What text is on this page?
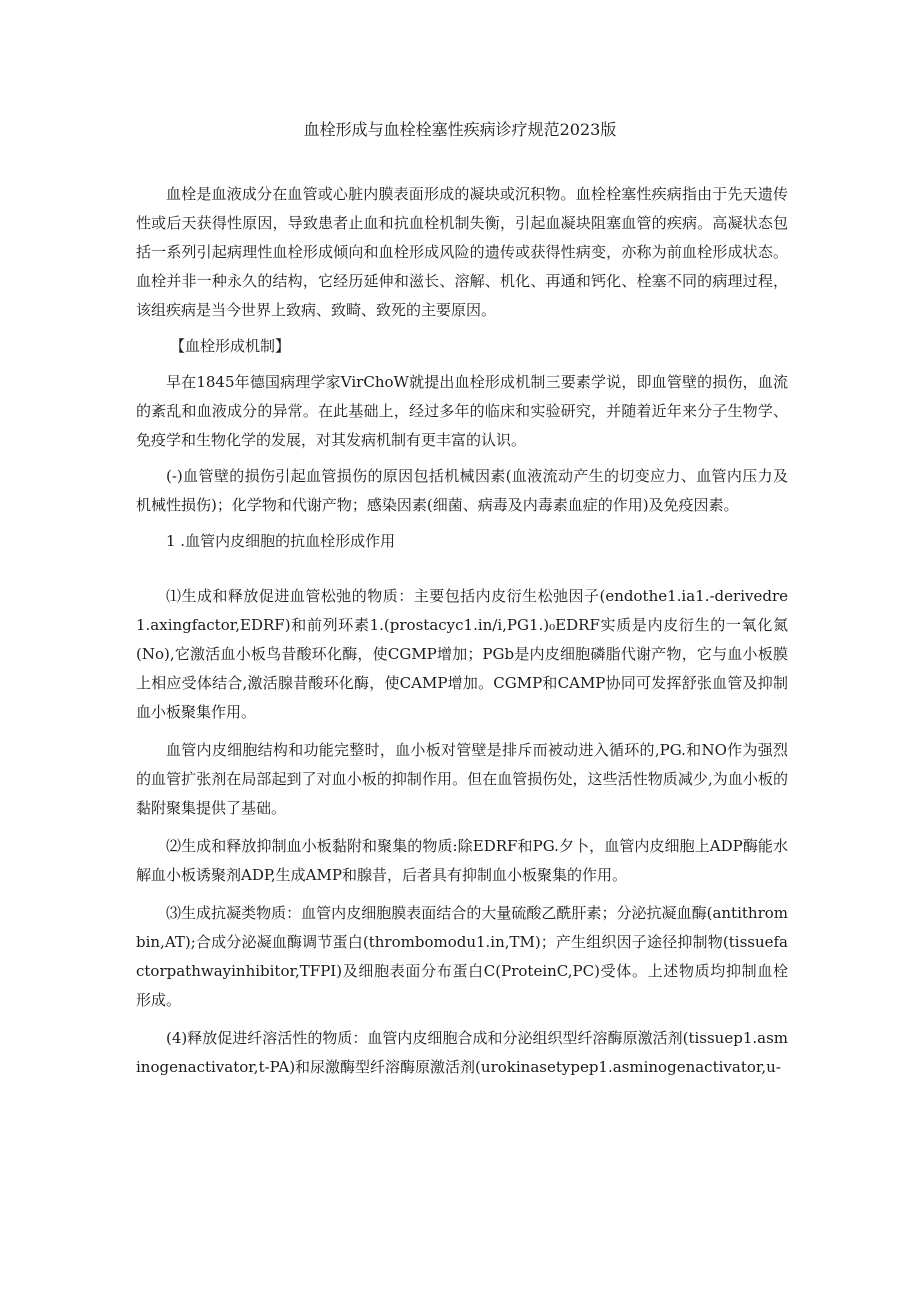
血栓形成与血栓栓塞性疾病诊疗规范2023版

血栓是血液成分在血管或心脏内膜表面形成的凝块或沉积物。血栓栓塞性疾病指由于先天遗传性或后天获得性原因，导致患者止血和抗血栓机制失衡，引起血凝块阻塞血管的疾病。高凝状态包括一系列引起病理性血栓形成倾向和血栓形成风险的遗传或获得性病变，亦称为前血栓形成状态。血栓并非一种永久的结构，它经历延伸和滋长、溶解、机化、再通和钙化、栓塞不同的病理过程，该组疾病是当今世界上致病、致畸、致死的主要原因。

【血栓形成机制】

早在1845年德国病理学家VirChoW就提出血栓形成机制三要素学说，即血管壁的损伤，血流的紊乱和血液成分的异常。在此基础上，经过多年的临床和实验研究，并随着近年来分子生物学、免疫学和生物化学的发展，对其发病机制有更丰富的认识。

(-)血管壁的损伤引起血管损伤的原因包括机械因素(血液流动产生的切变应力、血管内压力及机械性损伤)；化学物和代谢产物；感染因素(细菌、病毒及内毒素血症的作用)及免疫因素。

1 .血管内皮细胞的抗血栓形成作用

⑴生成和释放促进血管松弛的物质：主要包括内皮衍生松弛因子(endothe1.ia1.-derivedre1.axingfactor,EDRF)和前列环素1.(prostacyc1.in∕i,PG1.)₀EDRF实质是内皮衍生的一氧化氮(No),它激活血小板鸟昔酸环化酶，使CGMP增加；PGb是内皮细胞磷脂代谢产物，它与血小板膜上相应受体结合,激活腺昔酸环化酶，使CAMP增加。CGMP和CAMP协同可发挥舒张血管及抑制血小板聚集作用。

血管内皮细胞结构和功能完整时，血小板对管壁是排斥而被动进入循环的,PG.和NO作为强烈的血管扩张剂在局部起到了对血小板的抑制作用。但在血管损伤处，这些活性物质减少,为血小板的黏附聚集提供了基础。

⑵生成和释放抑制血小板黏附和聚集的物质:除EDRF和PG.夕卜，血管内皮细胞上ADP酶能水解血小板诱聚剂ADP,生成AMP和腺昔，后者具有抑制血小板聚集的作用。

⑶生成抗凝类物质：血管内皮细胞膜表面结合的大量硫酸乙酰肝素；分泌抗凝血酶(antithrombin,AT);合成分泌凝血酶调节蛋白(thrombomodu1.in,TM)；产生组织因子途径抑制物(tissuefactorpathwayinhibitor,TFPI)及细胞表面分布蛋白C(ProteinC,PC)受体。上述物质均抑制血栓形成。

(4)释放促进纤溶活性的物质：血管内皮细胞合成和分泌组织型纤溶酶原激活剂(tissuep1.asminogenactivator,t-PA)和尿激酶型纤溶酶原激活剂(urokinasetypep1.asminogenactivator,u-
